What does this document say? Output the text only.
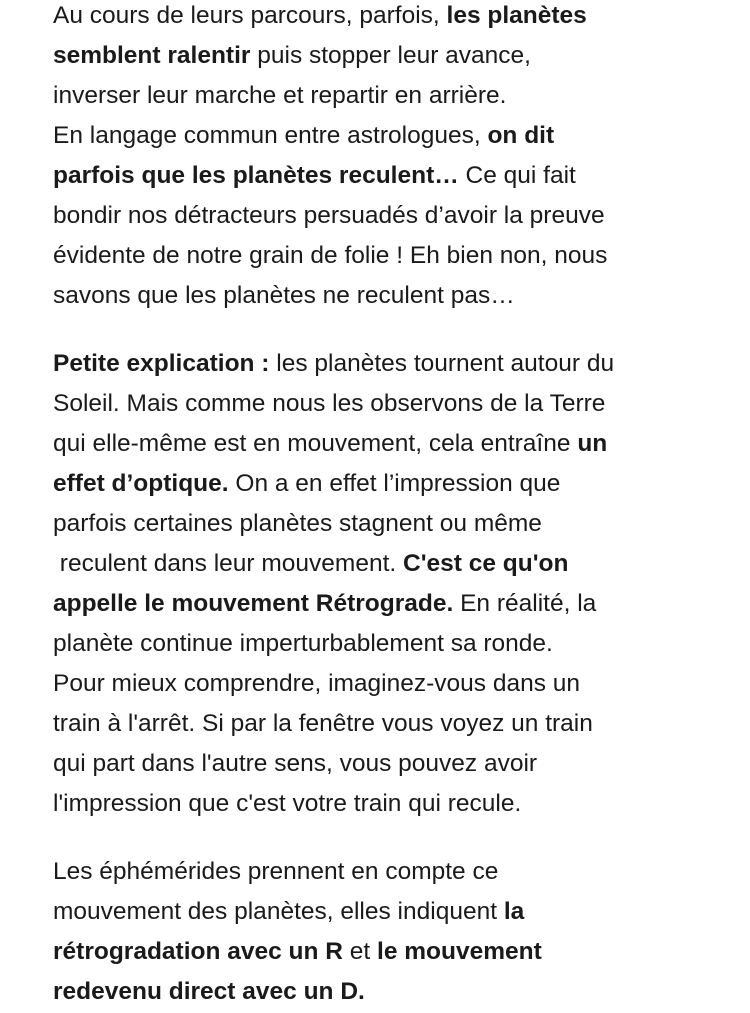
Au cours de leurs parcours, parfois, les planètes
semblent ralentir puis stopper leur avance,
inverser leur marche et repartir en arrière.
En langage commun entre astrologues, on dit
parfois que les planètes reculent… Ce qui fait
bondir nos détracteurs persuadés d’avoir la preuve
évidente de notre grain de folie ! Eh bien non, nous
savons que les planètes ne reculent pas…
Petite explication : les planètes tournent autour du
Soleil. Mais comme nous les observons de la Terre
qui elle-même est en mouvement, cela entraîne un
effet d’optique. On a en effet l’impression que
parfois certaines planètes stagnent ou même
reculent dans leur mouvement. C'est ce qu'on
appelle le mouvement Rétrograde. En réalité, la
planète continue imperturbablement sa ronde.
Pour mieux comprendre, imaginez-vous dans un
train à l'arrêt. Si par la fenêtre vous voyez un train
qui part dans l'autre sens, vous pouvez avoir
l'impression que c'est votre train qui recule.
Les éphémérides prennent en compte ce
mouvement des planètes, elles indiquent la
rétrogradation avec un R et le mouvement
redevenu direct avec un D.
